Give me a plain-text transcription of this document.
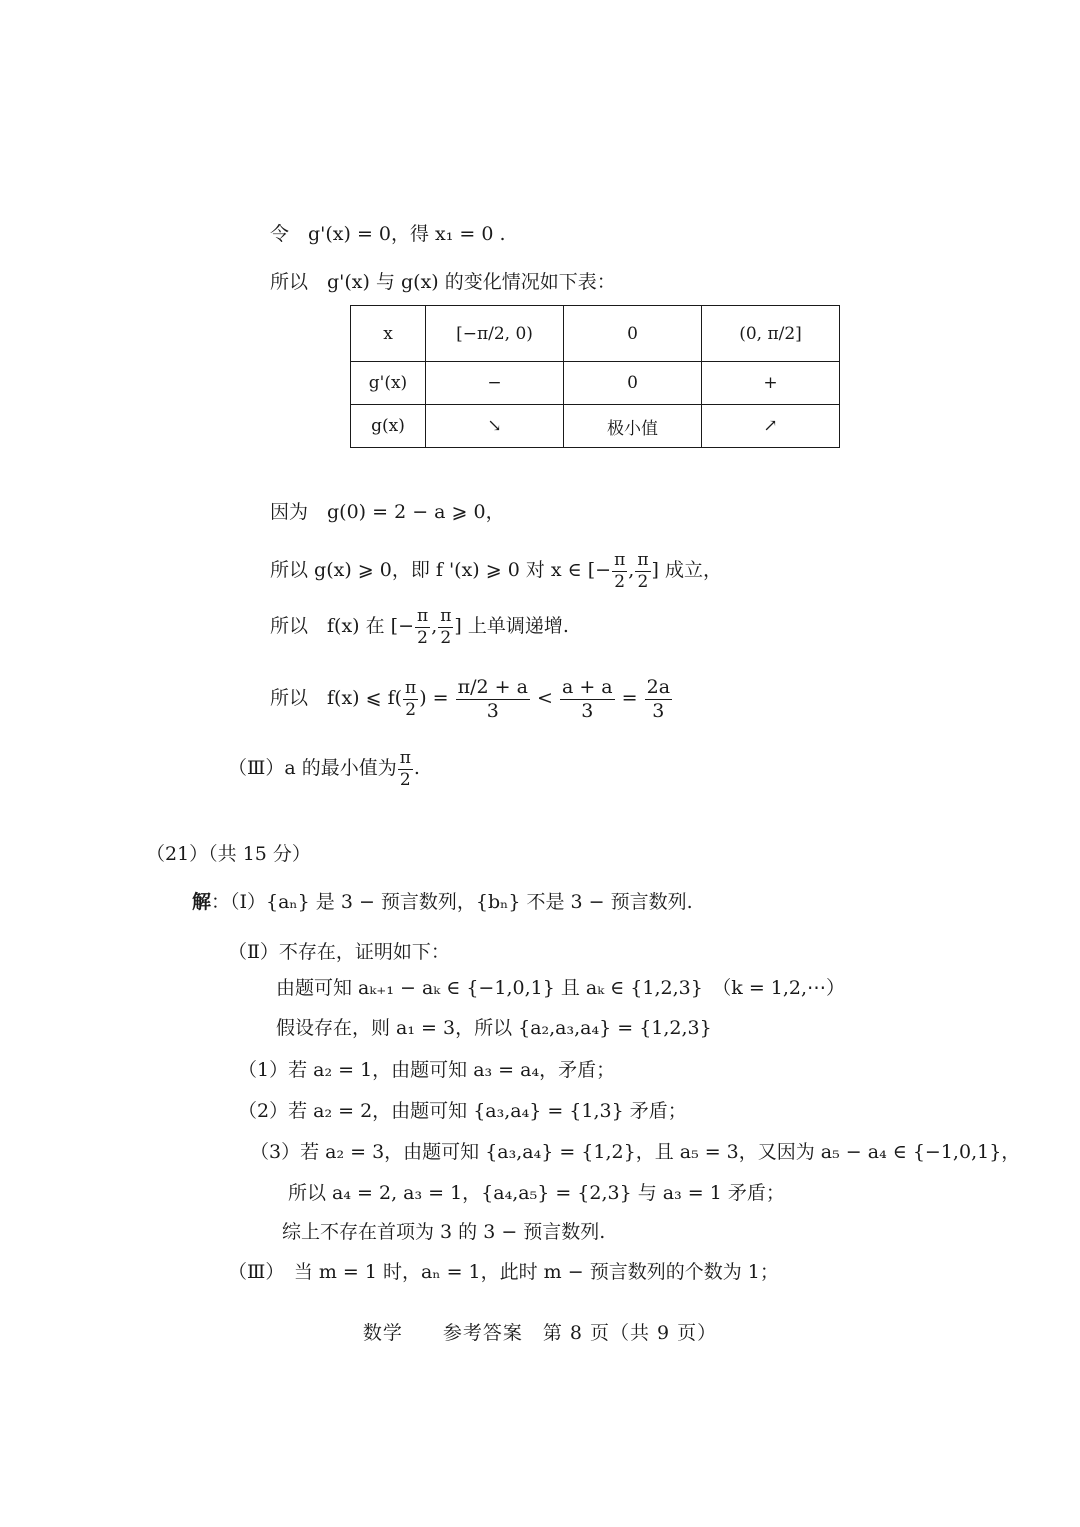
令　g'(x) = 0，得 x₁ = 0 .
所以　g'(x) 与 g(x) 的变化情况如下表：
x	[−π/2, 0)	0	(0, π/2]
g'(x)	−	0	+
g(x)	↘	极小值	↗
因为　g(0) = 2 − a ⩾ 0，
所以 g(x) ⩾ 0，即 f '(x) ⩾ 0 对 x ∈ [− $\frac{\pi}{2}$ , $\frac{\pi}{2}$ ] 成立，
所以　f(x) 在 [− $\frac{\pi}{2}$ , $\frac{\pi}{2}$ ] 上单调递增.
所以　f(x) ⩽ $f( \frac{\pi}{2}$ ) = $\frac{\pi/2 + a}{3} < \frac{a + a}{3} = \frac{2a}{3}$
（Ⅲ）a 的最小值为 $\frac{\pi}{2}$ .
（21）（共 15 分）
解：（Ⅰ）{aₙ} 是 3 − 预言数列，{bₙ} 不是 3 − 预言数列.
（Ⅱ）不存在，证明如下：
由题可知 aₖ₊₁ − aₖ ∈ {−1,0,1} 且 aₖ ∈ {1,2,3}　（k = 1,2,⋯）
假设存在，则 a₁ = 3，所以 {a₂,a₃,a₄} = {1,2,3}
（1）若 a₂ = 1，由题可知 a₃ = a₄，矛盾；
（2）若 a₂ = 2，由题可知 {a₃,a₄} = {1,3} 矛盾；
（3）若 a₂ = 3，由题可知 {a₃,a₄} = {1,2}，且 a₅ = 3，又因为 a₅ − a₄ ∈ {−1,0,1}，
所以 a₄ = 2, a₃ = 1，{a₄,a₅} = {2,3} 与 a₃ = 1 矛盾；
综上不存在首项为 3 的 3 − 预言数列.
（Ⅲ）　当 m = 1 时，aₙ = 1，此时 m − 预言数列的个数为 1；
数学　　参考答案　第 8 页（共 9 页）
